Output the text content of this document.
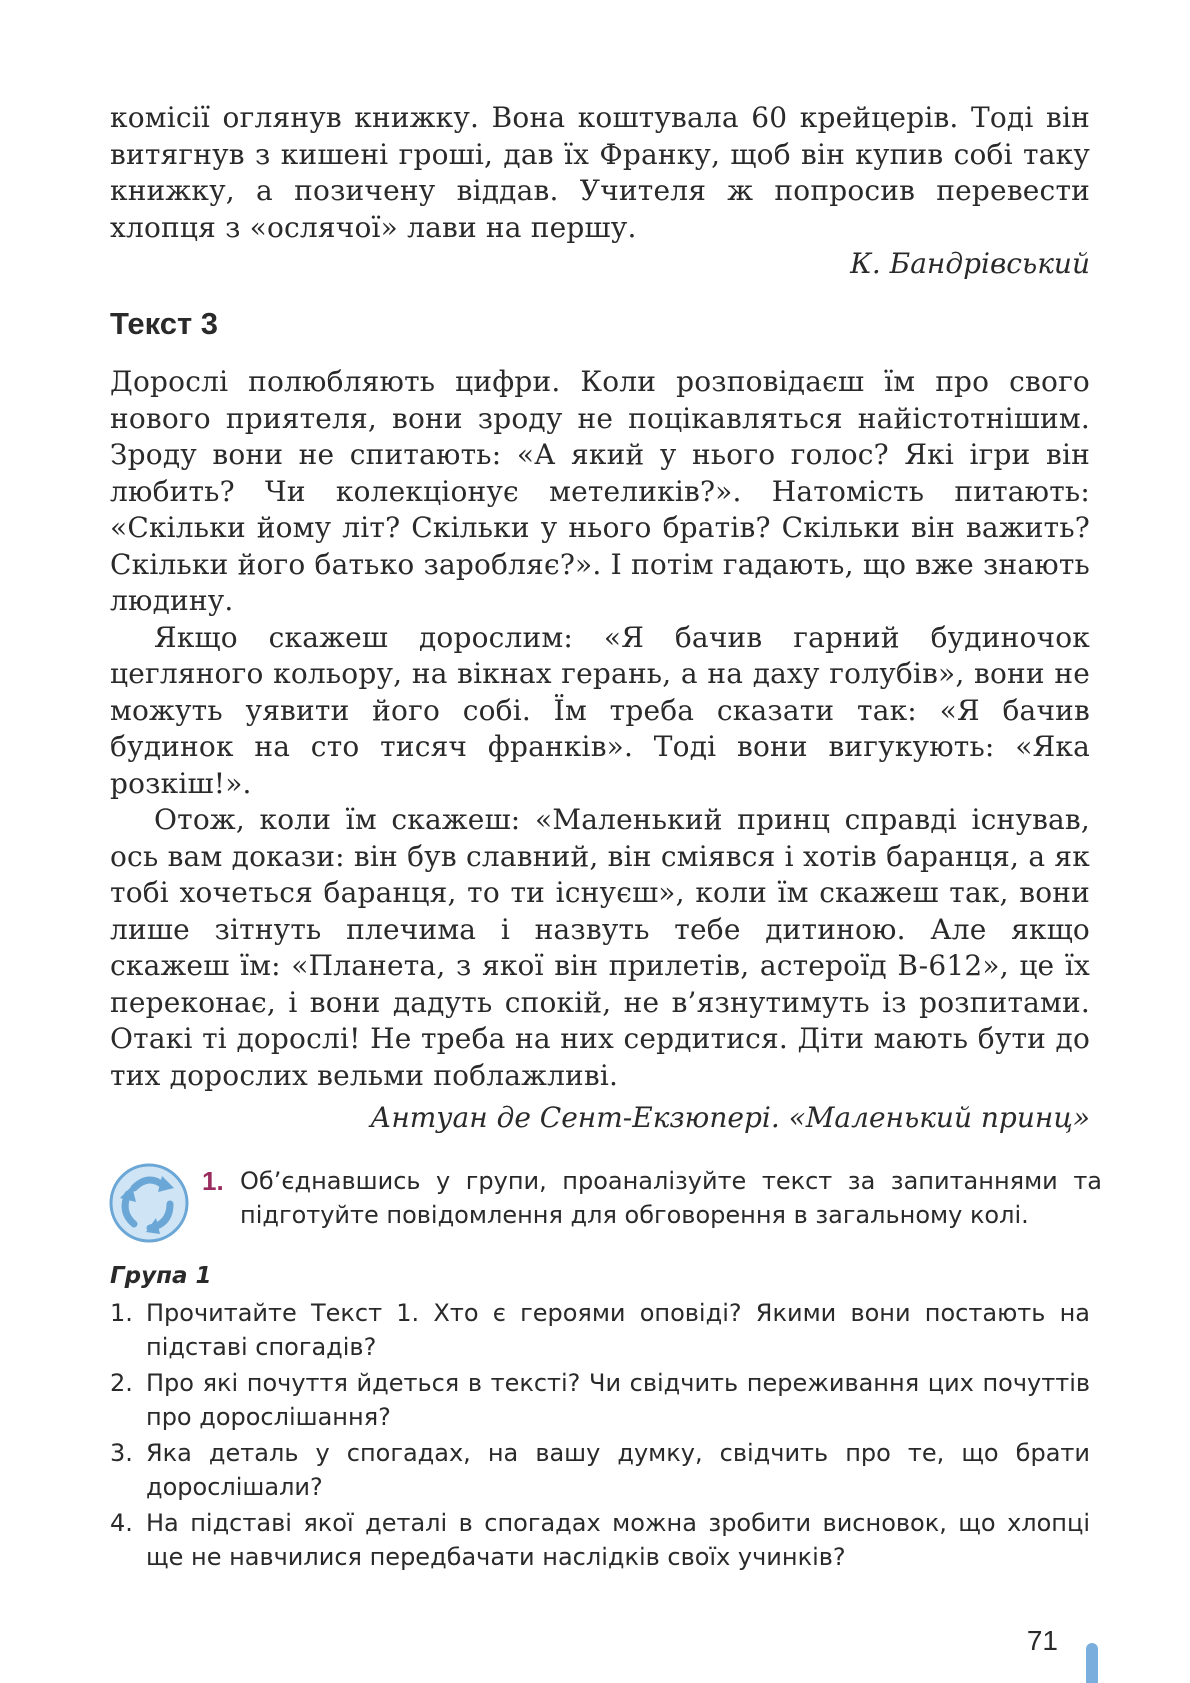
комісії оглянув книжку. Вона коштувала 60 крейцерів. Тоді він витягнув з кишені гроші, дав їх Франку, щоб він купив собі таку книжку, а позичену віддав. Учителя ж попросив перевести хлопця з «ослячої» лави на першу.

К. Бандрівський

Текст 3

Дорослі полюбляють цифри. Коли розповідаєш їм про свого нового приятеля, вони зроду не поцікавляться найістотнішим. Зроду вони не спитають: «А який у нього голос? Які ігри він любить? Чи колекціонує метеликів?». Натомість питають: «Скільки йому літ? Скільки у нього братів? Скільки він важить? Скільки його батько заробляє?». І потім гадають, що вже знають людину.

Якщо скажеш дорослим: «Я бачив гарний будиночок цегляного кольору, на вікнах герань, а на даху голубів», вони не можуть уявити його собі. Їм треба сказати так: «Я бачив будинок на сто тисяч франків». Тоді вони вигукують: «Яка розкіш!».

Отож, коли їм скажеш: «Маленький принц справді існував, ось вам докази: він був славний, він сміявся і хотів баранця, а як тобі хочеться баранця, то ти існуєш», коли їм скажеш так, вони лише зітнуть плечима і назвуть тебе дитиною. Але якщо скажеш їм: «Планета, з якої він прилетів, астероїд B-612», це їх переконає, і вони дадуть спокій, не в’язнутимуть із розпитами. Отакі ті дорослі! Не треба на них сердитися. Діти мають бути до тих дорослих вельми поблажливі.

Антуан де Сент-Екзюпері. «Маленький принц»

1. Об’єднавшись у групи, проаналізуйте текст за запитаннями та підготуйте повідомлення для обговорення в загальному колі.
Група 1
1. Прочитайте Текст 1. Хто є героями оповіді? Якими вони постають на підставі спогадів?
2. Про які почуття йдеться в тексті? Чи свідчить переживання цих почуттів про дорослішання?
3. Яка деталь у спогадах, на вашу думку, свідчить про те, що брати дорослішали?
4. На підставі якої деталі в спогадах можна зробити висновок, що хлопці ще не навчилися передбачати наслідків своїх учинків?
71
